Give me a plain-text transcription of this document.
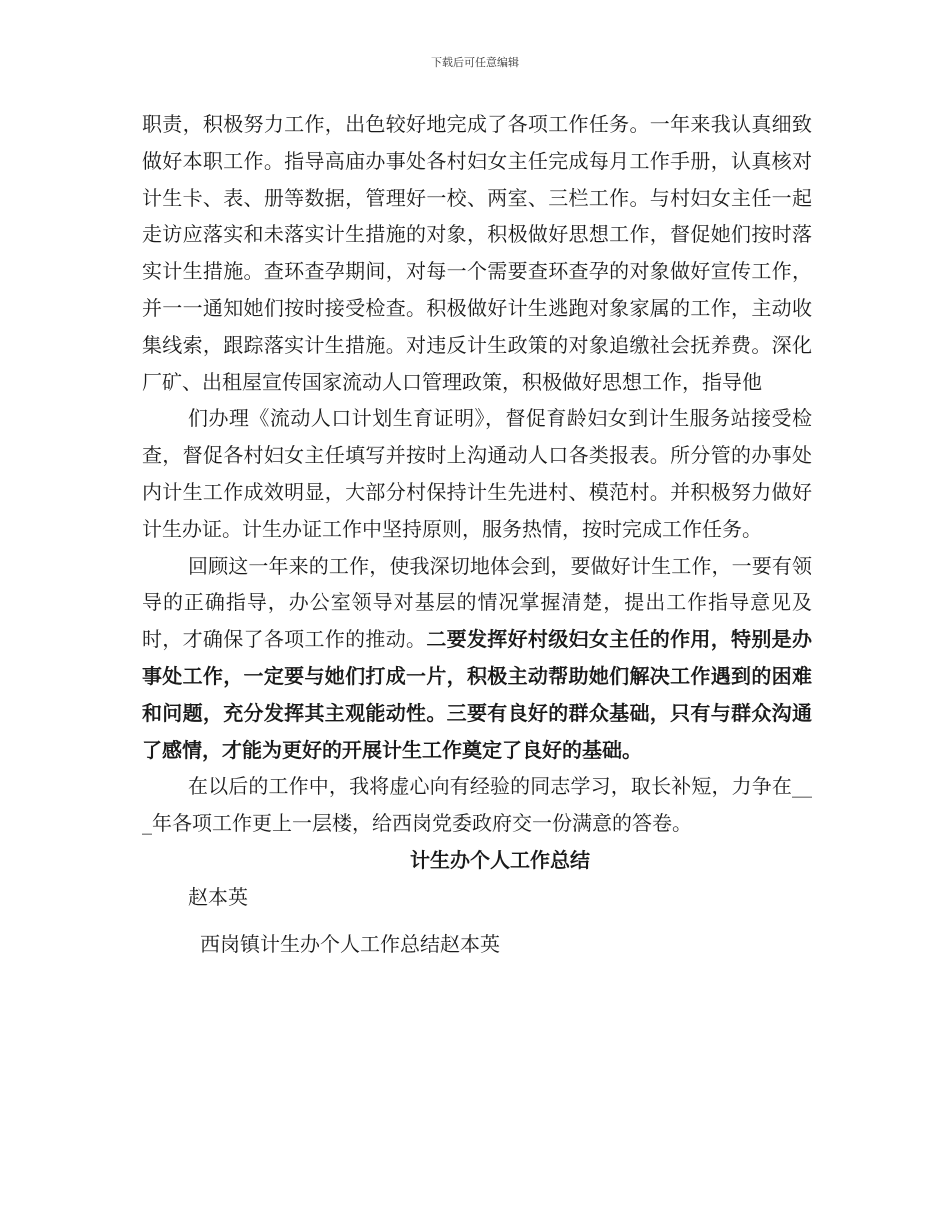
下载后可任意编辑

职责，积极努力工作，出色较好地完成了各项工作任务。一年来我认真细致做好本职工作。指导高庙办事处各村妇女主任完成每月工作手册，认真核对计生卡、表、册等数据，管理好一校、两室、三栏工作。与村妇女主任一起走访应落实和未落实计生措施的对象，积极做好思想工作，督促她们按时落实计生措施。查环查孕期间，对每一个需要查环查孕的对象做好宣传工作，并一一通知她们按时接受检查。积极做好计生逃跑对象家属的工作，主动收集线索，跟踪落实计生措施。对违反计生政策的对象追缴社会抚养费。深化厂矿、出租屋宣传国家流动人口管理政策，积极做好思想工作，指导他

们办理《流动人口计划生育证明》，督促育龄妇女到计生服务站接受检查，督促各村妇女主任填写并按时上沟通动人口各类报表。所分管的办事处内计生工作成效明显，大部分村保持计生先进村、模范村。并积极努力做好计生办证。计生办证工作中坚持原则，服务热情，按时完成工作任务。

回顾这一年来的工作，使我深切地体会到，要做好计生工作，一要有领导的正确指导，办公室领导对基层的情况掌握清楚，提出工作指导意见及时，才确保了各项工作的推动。二要发挥好村级妇女主任的作用，特别是办事处工作，一定要与她们打成一片，积极主动帮助她们解决工作遇到的困难和问题，充分发挥其主观能动性。三要有良好的群众基础，只有与群众沟通了感情，才能为更好的开展计生工作奠定了良好的基础。

在以后的工作中，我将虚心向有经验的同志学习，取长补短，力争在___年各项工作更上一层楼，给西岗党委政府交一份满意的答卷。

计生办个人工作总结

赵本英

西岗镇计生办个人工作总结赵本英
